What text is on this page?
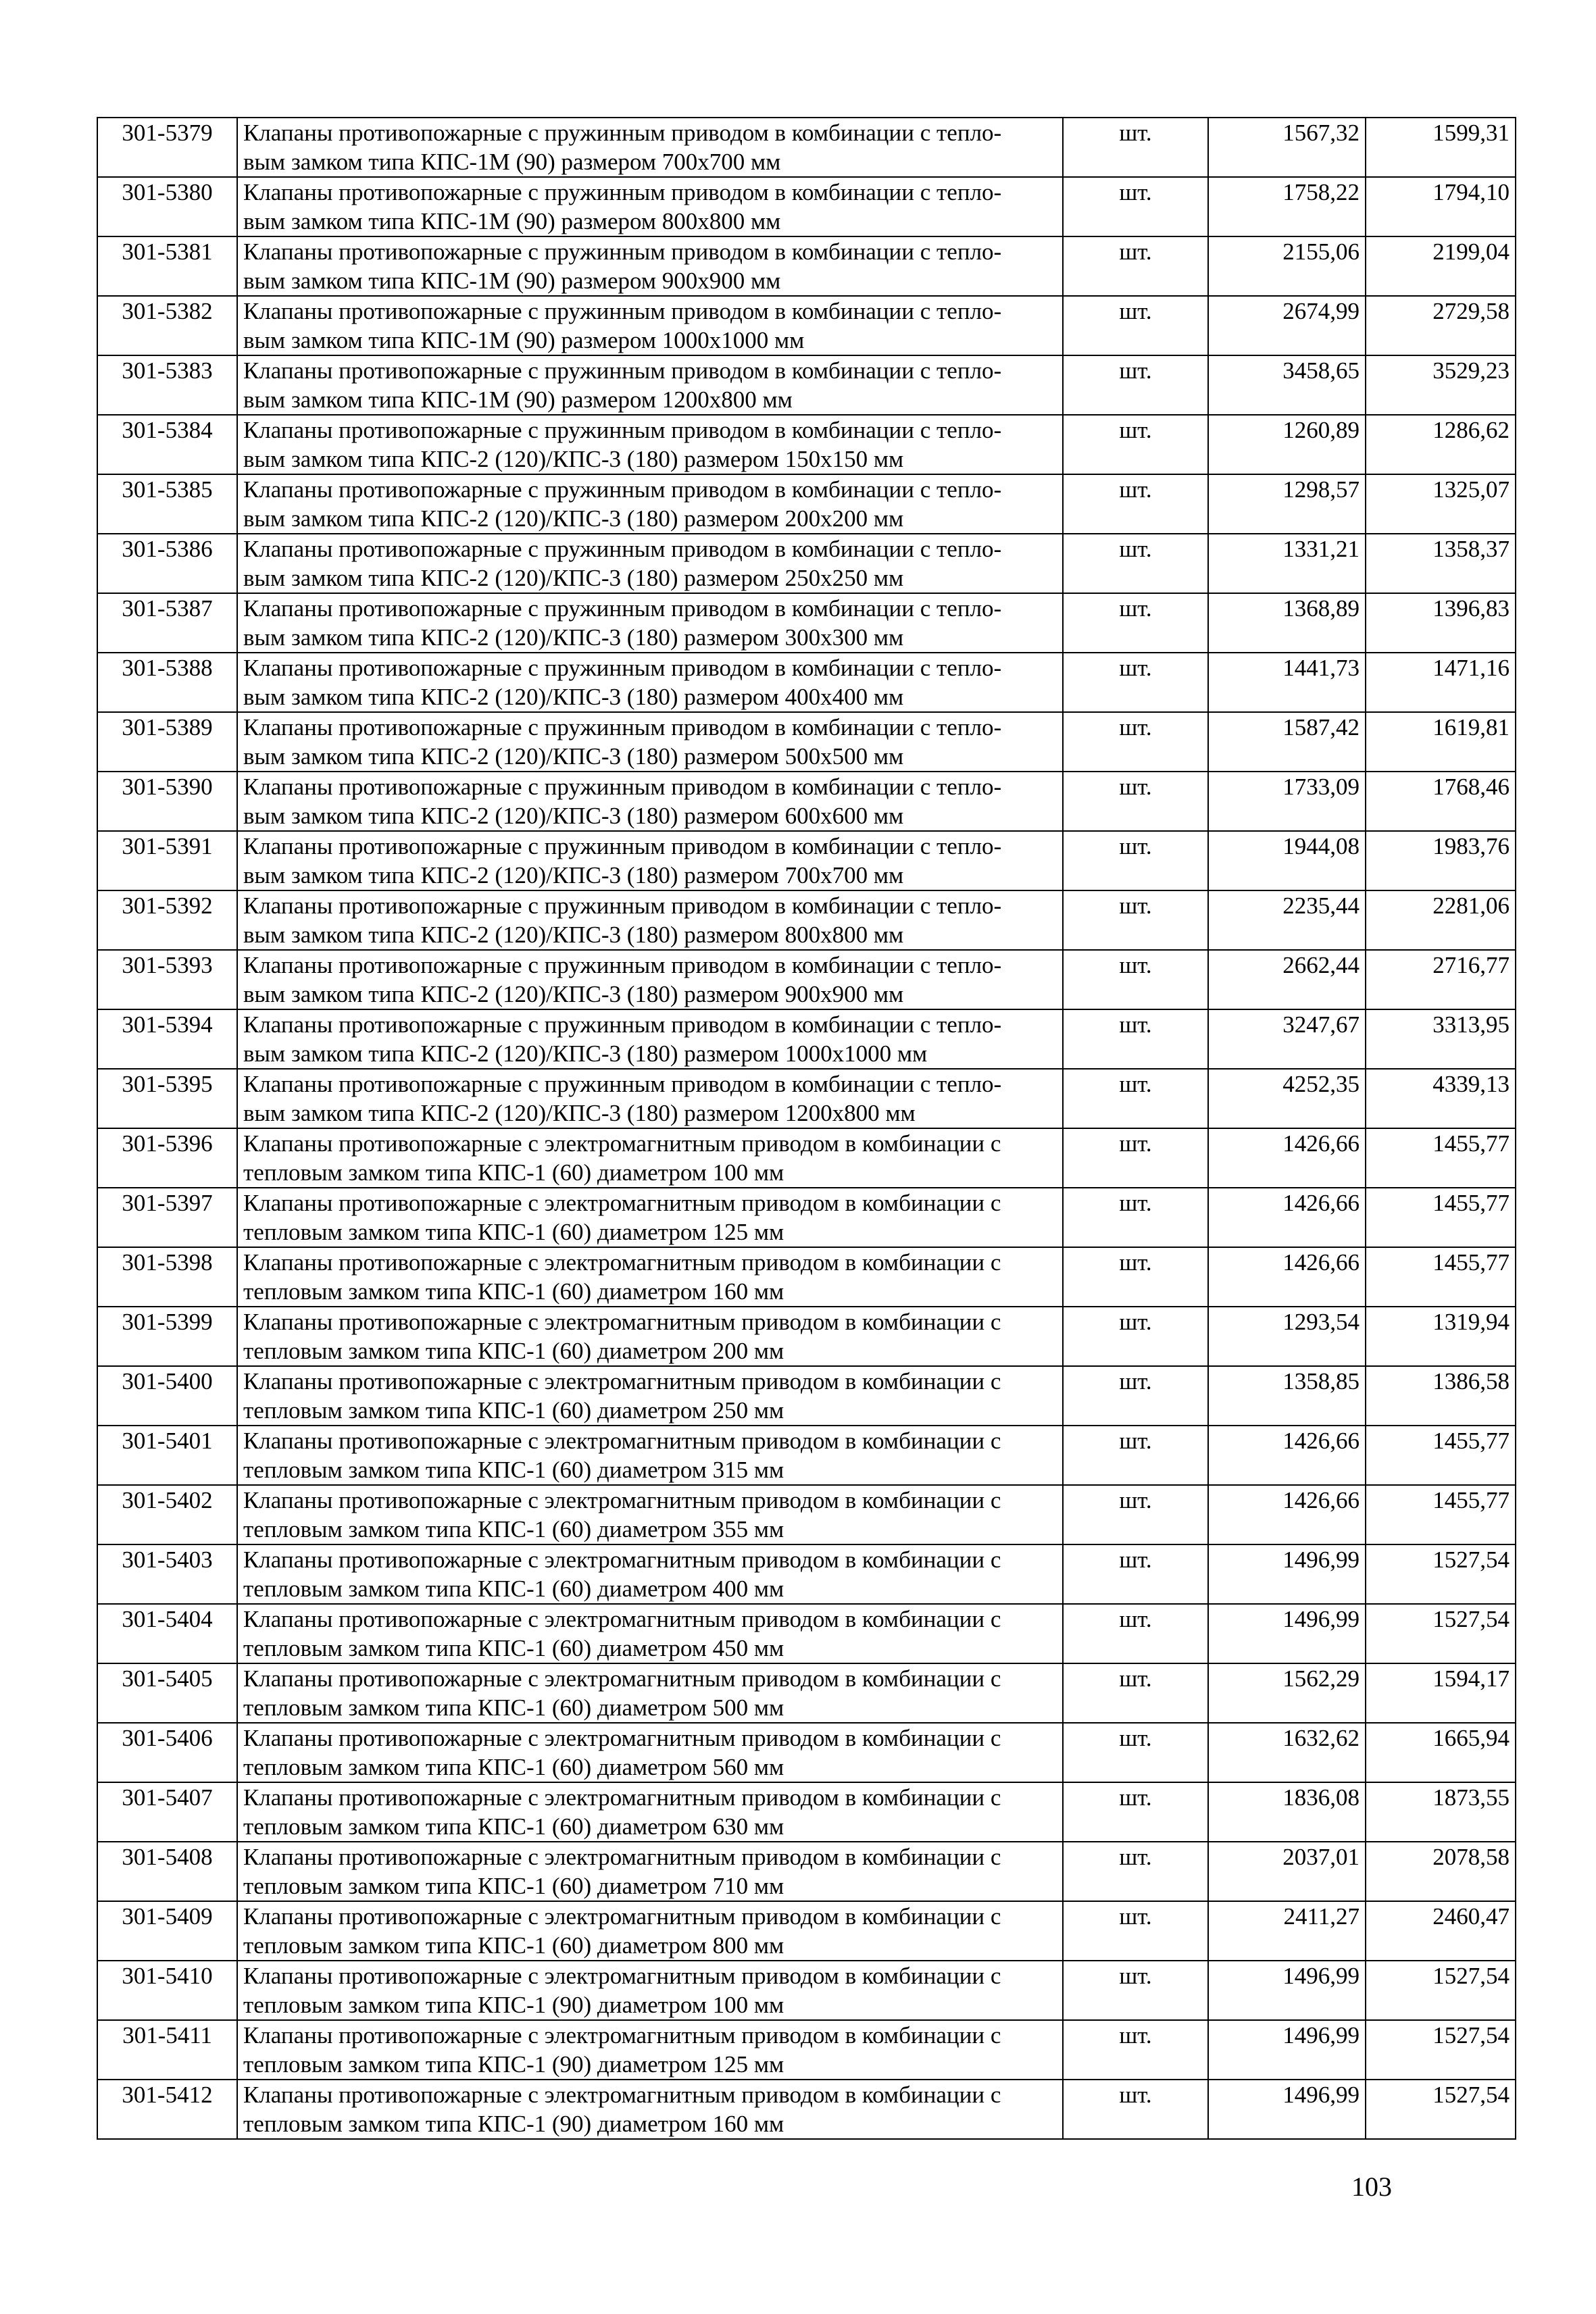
301-5379	Клапаны противопожарные с пружинным приводом в комбинации с тепло-
вым замком типа КПС-1М (90) размером 700x700 мм	шт.	1567,32	1599,31
301-5380	Клапаны противопожарные с пружинным приводом в комбинации с тепло-
вым замком типа КПС-1М (90) размером 800x800 мм	шт.	1758,22	1794,10
301-5381	Клапаны противопожарные с пружинным приводом в комбинации с тепло-
вым замком типа КПС-1М (90) размером 900x900 мм	шт.	2155,06	2199,04
301-5382	Клапаны противопожарные с пружинным приводом в комбинации с тепло-
вым замком типа КПС-1М (90) размером 1000x1000 мм	шт.	2674,99	2729,58
301-5383	Клапаны противопожарные с пружинным приводом в комбинации с тепло-
вым замком типа КПС-1М (90) размером 1200x800 мм	шт.	3458,65	3529,23
301-5384	Клапаны противопожарные с пружинным приводом в комбинации с тепло-
вым замком типа КПС-2 (120)/КПС-3 (180) размером 150x150 мм	шт.	1260,89	1286,62
301-5385	Клапаны противопожарные с пружинным приводом в комбинации с тепло-
вым замком типа КПС-2 (120)/КПС-3 (180) размером 200x200 мм	шт.	1298,57	1325,07
301-5386	Клапаны противопожарные с пружинным приводом в комбинации с тепло-
вым замком типа КПС-2 (120)/КПС-3 (180) размером 250x250 мм	шт.	1331,21	1358,37
301-5387	Клапаны противопожарные с пружинным приводом в комбинации с тепло-
вым замком типа КПС-2 (120)/КПС-3 (180) размером 300x300 мм	шт.	1368,89	1396,83
301-5388	Клапаны противопожарные с пружинным приводом в комбинации с тепло-
вым замком типа КПС-2 (120)/КПС-3 (180) размером 400x400 мм	шт.	1441,73	1471,16
301-5389	Клапаны противопожарные с пружинным приводом в комбинации с тепло-
вым замком типа КПС-2 (120)/КПС-3 (180) размером 500x500 мм	шт.	1587,42	1619,81
301-5390	Клапаны противопожарные с пружинным приводом в комбинации с тепло-
вым замком типа КПС-2 (120)/КПС-3 (180) размером 600x600 мм	шт.	1733,09	1768,46
301-5391	Клапаны противопожарные с пружинным приводом в комбинации с тепло-
вым замком типа КПС-2 (120)/КПС-3 (180) размером 700x700 мм	шт.	1944,08	1983,76
301-5392	Клапаны противопожарные с пружинным приводом в комбинации с тепло-
вым замком типа КПС-2 (120)/КПС-3 (180) размером 800x800 мм	шт.	2235,44	2281,06
301-5393	Клапаны противопожарные с пружинным приводом в комбинации с тепло-
вым замком типа КПС-2 (120)/КПС-3 (180) размером 900x900 мм	шт.	2662,44	2716,77
301-5394	Клапаны противопожарные с пружинным приводом в комбинации с тепло-
вым замком типа КПС-2 (120)/КПС-3 (180) размером 1000x1000 мм	шт.	3247,67	3313,95
301-5395	Клапаны противопожарные с пружинным приводом в комбинации с тепло-
вым замком типа КПС-2 (120)/КПС-3 (180) размером 1200x800 мм	шт.	4252,35	4339,13
301-5396	Клапаны противопожарные с электромагнитным приводом в комбинации с
тепловым замком типа КПС-1 (60) диаметром 100 мм	шт.	1426,66	1455,77
301-5397	Клапаны противопожарные с электромагнитным приводом в комбинации с
тепловым замком типа КПС-1 (60) диаметром 125 мм	шт.	1426,66	1455,77
301-5398	Клапаны противопожарные с электромагнитным приводом в комбинации с
тепловым замком типа КПС-1 (60) диаметром 160 мм	шт.	1426,66	1455,77
301-5399	Клапаны противопожарные с электромагнитным приводом в комбинации с
тепловым замком типа КПС-1 (60) диаметром 200 мм	шт.	1293,54	1319,94
301-5400	Клапаны противопожарные с электромагнитным приводом в комбинации с
тепловым замком типа КПС-1 (60) диаметром 250 мм	шт.	1358,85	1386,58
301-5401	Клапаны противопожарные с электромагнитным приводом в комбинации с
тепловым замком типа КПС-1 (60) диаметром 315 мм	шт.	1426,66	1455,77
301-5402	Клапаны противопожарные с электромагнитным приводом в комбинации с
тепловым замком типа КПС-1 (60) диаметром 355 мм	шт.	1426,66	1455,77
301-5403	Клапаны противопожарные с электромагнитным приводом в комбинации с
тепловым замком типа КПС-1 (60) диаметром 400 мм	шт.	1496,99	1527,54
301-5404	Клапаны противопожарные с электромагнитным приводом в комбинации с
тепловым замком типа КПС-1 (60) диаметром 450 мм	шт.	1496,99	1527,54
301-5405	Клапаны противопожарные с электромагнитным приводом в комбинации с
тепловым замком типа КПС-1 (60) диаметром 500 мм	шт.	1562,29	1594,17
301-5406	Клапаны противопожарные с электромагнитным приводом в комбинации с
тепловым замком типа КПС-1 (60) диаметром 560 мм	шт.	1632,62	1665,94
301-5407	Клапаны противопожарные с электромагнитным приводом в комбинации с
тепловым замком типа КПС-1 (60) диаметром 630 мм	шт.	1836,08	1873,55
301-5408	Клапаны противопожарные с электромагнитным приводом в комбинации с
тепловым замком типа КПС-1 (60) диаметром 710 мм	шт.	2037,01	2078,58
301-5409	Клапаны противопожарные с электромагнитным приводом в комбинации с
тепловым замком типа КПС-1 (60) диаметром 800 мм	шт.	2411,27	2460,47
301-5410	Клапаны противопожарные с электромагнитным приводом в комбинации с
тепловым замком типа КПС-1 (90) диаметром 100 мм	шт.	1496,99	1527,54
301-5411	Клапаны противопожарные с электромагнитным приводом в комбинации с
тепловым замком типа КПС-1 (90) диаметром 125 мм	шт.	1496,99	1527,54
301-5412	Клапаны противопожарные с электромагнитным приводом в комбинации с
тепловым замком типа КПС-1 (90) диаметром 160 мм	шт.	1496,99	1527,54
103
